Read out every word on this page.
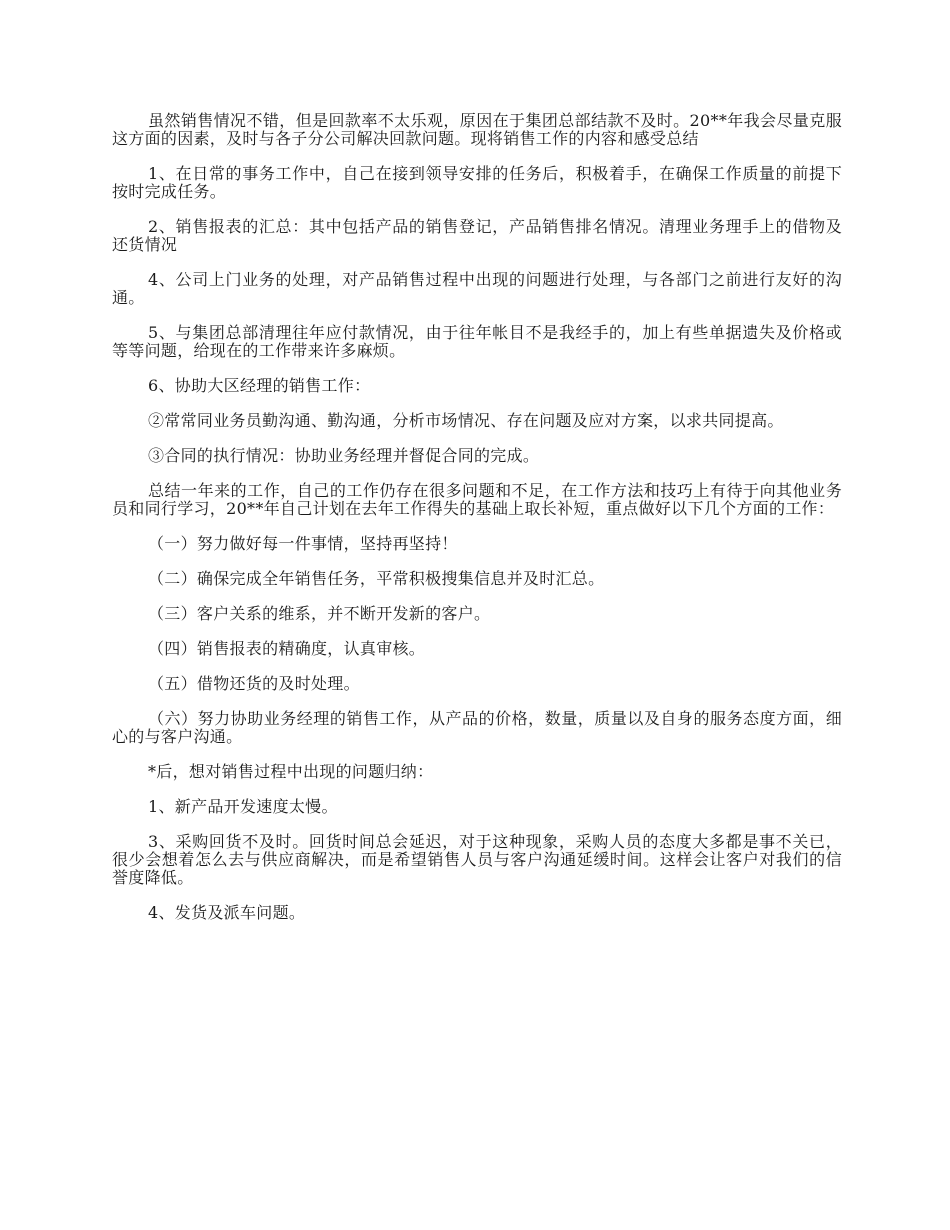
虽然销售情况不错，但是回款率不太乐观，原因在于集团总部结款不及时。20**年我会尽量克服这方面的因素，及时与各子分公司解决回款问题。现将销售工作的内容和感受总结

1、在日常的事务工作中，自己在接到领导安排的任务后，积极着手，在确保工作质量的前提下按时完成任务。

2、销售报表的汇总：其中包括产品的销售登记，产品销售排名情况。清理业务理手上的借物及还货情况

4、公司上门业务的处理，对产品销售过程中出现的问题进行处理，与各部门之前进行友好的沟通。

5、与集团总部清理往年应付款情况，由于往年帐目不是我经手的，加上有些单据遗失及价格或等等问题，给现在的工作带来许多麻烦。

6、协助大区经理的销售工作：

②常常同业务员勤沟通、勤沟通，分析市场情况、存在问题及应对方案，以求共同提高。

③合同的执行情况：协助业务经理并督促合同的完成。

总结一年来的工作，自己的工作仍存在很多问题和不足，在工作方法和技巧上有待于向其他业务员和同行学习，20**年自己计划在去年工作得失的基础上取长补短，重点做好以下几个方面的工作：

（一）努力做好每一件事情，坚持再坚持！

（二）确保完成全年销售任务，平常积极搜集信息并及时汇总。

（三）客户关系的维系，并不断开发新的客户。

（四）销售报表的精确度，认真审核。

（五）借物还货的及时处理。

（六）努力协助业务经理的销售工作，从产品的价格，数量，质量以及自身的服务态度方面，细心的与客户沟通。

*后，想对销售过程中出现的问题归纳：

1、新产品开发速度太慢。

3、采购回货不及时。回货时间总会延迟，对于这种现象，采购人员的态度大多都是事不关已，很少会想着怎么去与供应商解决，而是希望销售人员与客户沟通延缓时间。这样会让客户对我们的信誉度降低。

4、发货及派车问题。
